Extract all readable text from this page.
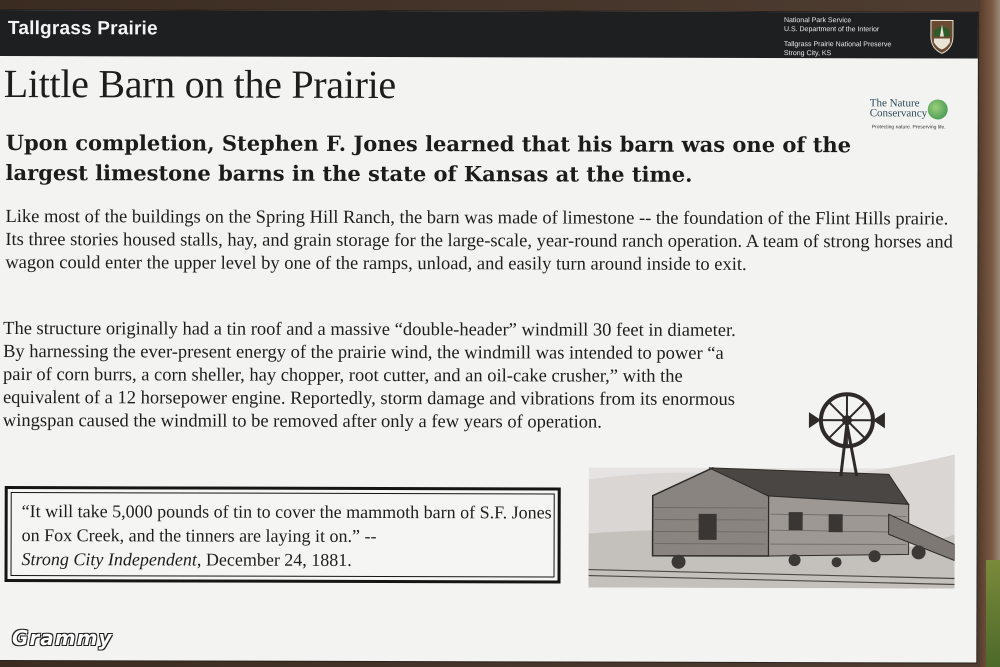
Tallgrass Prairie	National Park Service
U.S. Department of the Interior
Tallgrass Prairie National Preserve
Strong City, KS
Little Barn on the Prairie	The Nature
Conservancy
Protecting nature. Preserving life.
Upon completion, Stephen F. Jones learned that his barn was one of the largest limestone barns in the state of Kansas at the time.
Like most of the buildings on the Spring Hill Ranch, the barn was made of limestone -- the foundation of the Flint Hills prairie. Its three stories housed stalls, hay, and grain storage for the large-scale, year-round ranch operation. A team of strong horses and wagon could enter the upper level by one of the ramps, unload, and easily turn around inside to exit.
The structure originally had a tin roof and a massive “double-header” windmill 30 feet in diameter. By harnessing the ever-present energy of the prairie wind, the windmill was intended to power “a pair of corn burrs, a corn sheller, hay chopper, root cutter, and an oil-cake crusher,” with the equivalent of a 12 horsepower engine. Reportedly, storm damage and vibrations from its enormous wingspan caused the windmill to be removed after only a few years of operation.
“It will take 5,000 pounds of tin to cover the mammoth barn of S.F. Jones on Fox Creek, and the tinners are laying it on.” --
Strong City Independent, December 24, 1881.
Grammy
